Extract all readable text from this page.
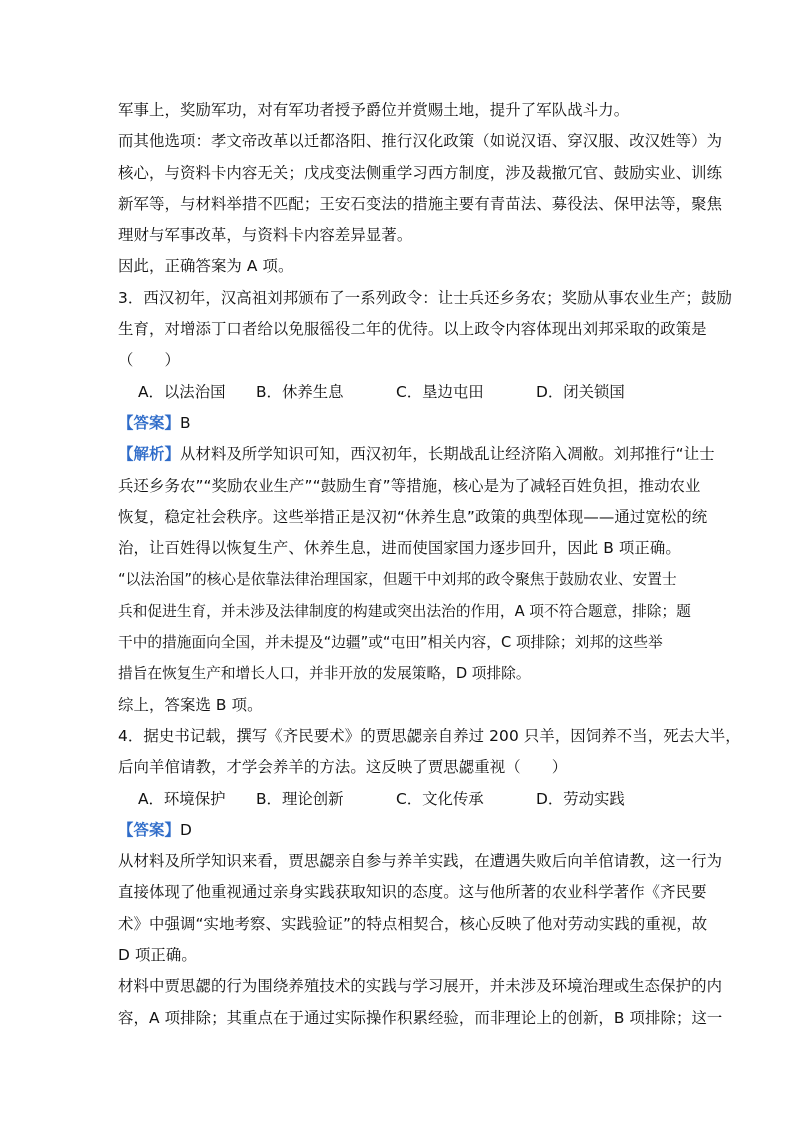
军事上，奖励军功，对有军功者授予爵位并赏赐土地，提升了军队战斗力。
而其他选项：孝文帝改革以迁都洛阳、推行汉化政策（如说汉语、穿汉服、改汉姓等）为
核心，与资料卡内容无关；戊戌变法侧重学习西方制度，涉及裁撤冗官、鼓励实业、训练
新军等，与材料举措不匹配；王安石变法的措施主要有青苗法、募役法、保甲法等，聚焦
理财与军事改革，与资料卡内容差异显著。
因此，正确答案为 A 项。
3．西汉初年，汉高祖刘邦颁布了一系列政令：让士兵还乡务农；奖励从事农业生产；鼓励
生育，对增添丁口者给以免服徭役二年的优待。以上政令内容体现出刘邦采取的政策是
（　　）
A．以法治国	B．休养生息	C．垦边屯田	D．闭关锁国
【答案】B
【解析】从材料及所学知识可知，西汉初年，长期战乱让经济陷入凋敝。刘邦推行“让士
兵还乡务农”“奖励农业生产”“鼓励生育”等措施，核心是为了减轻百姓负担，推动农业
恢复，稳定社会秩序。这些举措正是汉初“休养生息”政策的典型体现——通过宽松的统
治，让百姓得以恢复生产、休养生息，进而使国家国力逐步回升，因此 B 项正确。
“以法治国”的核心是依靠法律治理国家，但题干中刘邦的政令聚焦于鼓励农业、安置士
兵和促进生育，并未涉及法律制度的构建或突出法治的作用，A 项不符合题意，排除；题
干中的措施面向全国，并未提及“边疆”或“屯田”相关内容，C 项排除；刘邦的这些举
措旨在恢复生产和增长人口，并非开放的发展策略，D 项排除。
综上，答案选 B 项。
4．据史书记载，撰写《齐民要术》的贾思勰亲自养过 200 只羊，因饲养不当，死去大半，
后向羊倌请教，才学会养羊的方法。这反映了贾思勰重视（　　）
A．环境保护	B．理论创新	C．文化传承	D．劳动实践
【答案】D
从材料及所学知识来看，贾思勰亲自参与养羊实践，在遭遇失败后向羊倌请教，这一行为
直接体现了他重视通过亲身实践获取知识的态度。这与他所著的农业科学著作《齐民要
术》中强调“实地考察、实践验证”的特点相契合，核心反映了他对劳动实践的重视，故
D 项正确。
材料中贾思勰的行为围绕养殖技术的实践与学习展开，并未涉及环境治理或生态保护的内
容，A 项排除；其重点在于通过实际操作积累经验，而非理论上的创新，B 项排除；这一
